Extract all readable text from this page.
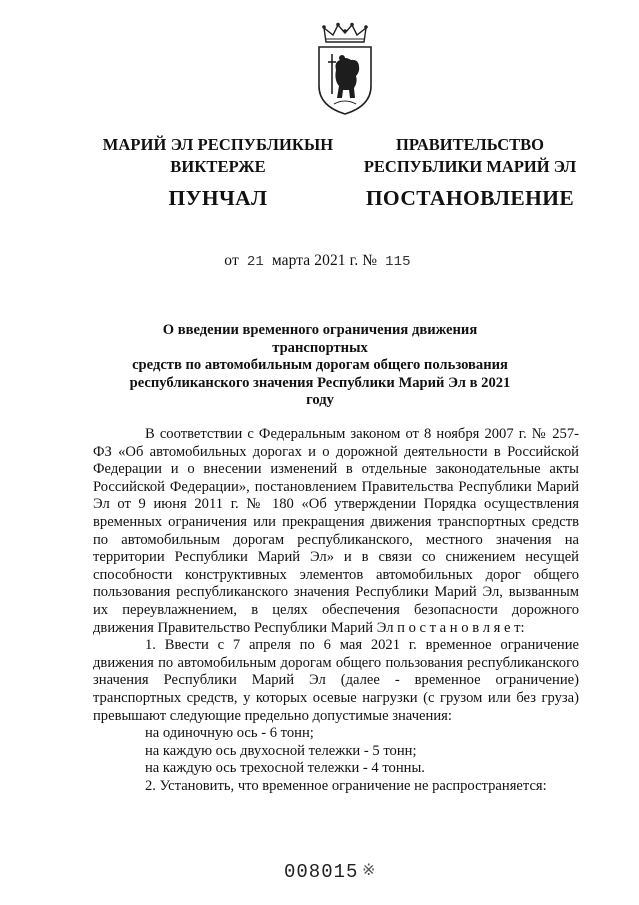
МАРИЙ ЭЛ РЕСПУБЛИКЫН
ВИКТЕРЖЕ
ПУНЧАЛ
ПРАВИТЕЛЬСТВО
РЕСПУБЛИКИ МАРИЙ ЭЛ
ПОСТАНОВЛЕНИЕ
от 21 марта 2021 г. № 115
О введении временного ограничения движения транспортных
средств по автомобильным дорогам общего пользования
республиканского значения Республики Марий Эл в 2021 году

В соответствии с Федеральным законом от 8 ноября 2007 г. № 257-ФЗ «Об автомобильных дорогах и о дорожной деятельности в Российской Федерации и о внесении изменений в отдельные законодательные акты Российской Федерации», постановлением Правительства Республики Марий Эл от 9 июня 2011 г. № 180 «Об утверждении Порядка осуществления временных ограничения или прекращения движения транспортных средств по автомобильным дорогам республиканского, местного значения на территории Республики Марий Эл» и в связи со снижением несущей способности конструктивных элементов автомобильных дорог общего пользования республиканского значения Республики Марий Эл, вызванным их переувлажнением, в целях обеспечения безопасности дорожного движения Правительство Республики Марий Эл п о с т а н о в л я е т:

1. Ввести с 7 апреля по 6 мая 2021 г. временное ограничение движения по автомобильным дорогам общего пользования республиканского значения Республики Марий Эл (далее - временное ограничение) транспортных средств, у которых осевые нагрузки (с грузом или без груза) превышают следующие предельно допустимые значения:

на одиночную ось - 6 тонн;

на каждую ось двухосной тележки - 5 тонн;

на каждую ось трехосной тележки - 4 тонны.

2. Установить, что временное ограничение не распространяется:

008015 ※
